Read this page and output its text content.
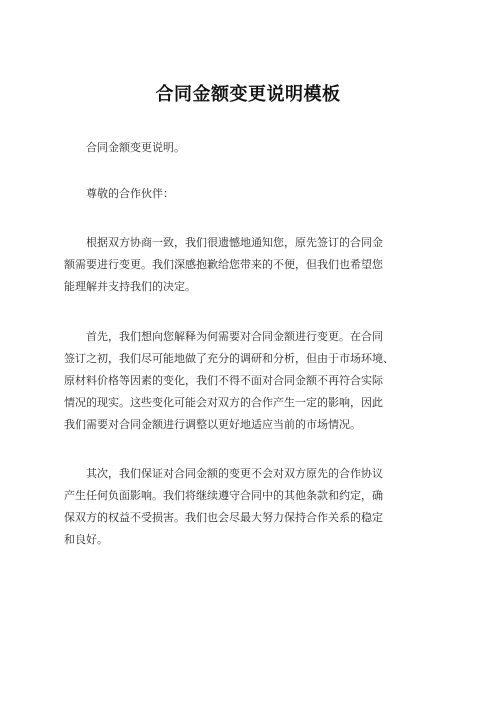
合同金额变更说明模板

合同金额变更说明。

尊敬的合作伙伴：

根据双方协商一致，我们很遗憾地通知您，原先签订的合同金
额需要进行变更。我们深感抱歉给您带来的不便，但我们也希望您
能理解并支持我们的决定。

首先，我们想向您解释为何需要对合同金额进行变更。在合同
签订之初，我们尽可能地做了充分的调研和分析，但由于市场环境、
原材料价格等因素的变化，我们不得不面对合同金额不再符合实际
情况的现实。这些变化可能会对双方的合作产生一定的影响，因此
我们需要对合同金额进行调整以更好地适应当前的市场情况。

其次，我们保证对合同金额的变更不会对双方原先的合作协议
产生任何负面影响。我们将继续遵守合同中的其他条款和约定，确
保双方的权益不受损害。我们也会尽最大努力保持合作关系的稳定
和良好。
